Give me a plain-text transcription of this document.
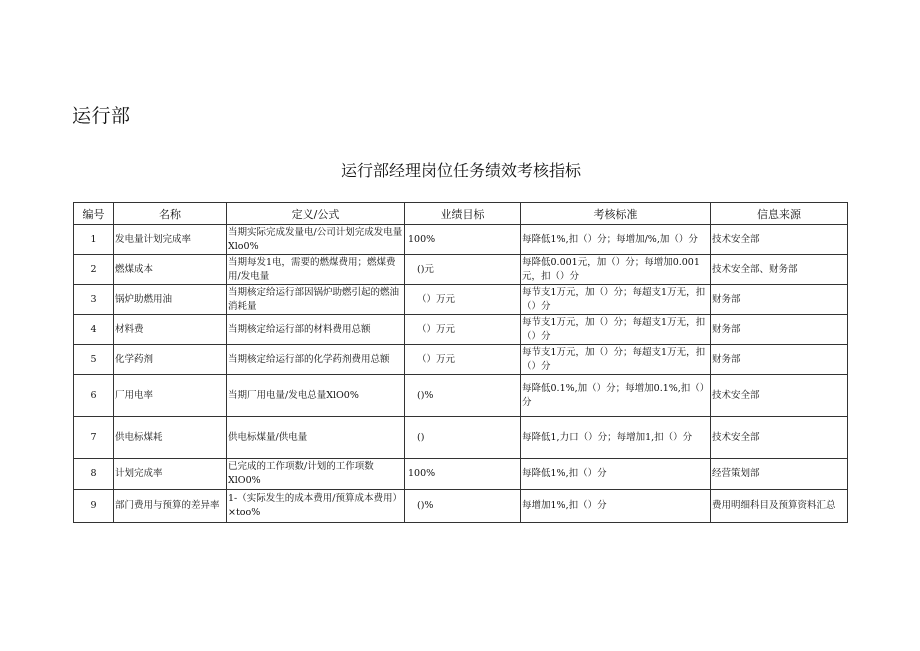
运行部
运行部经理岗位任务绩效考核指标
编号	名称	定义/公式	业绩目标	考核标准	信息来源
1	发电量计划完成率	当期实际完成发量电/公司计划完成发电量Xlo0%	100%	每降低1%,扣（）分；每增加/%,加（）分	技术安全部
2	燃煤成本	当期每发1电，需要的燃煤费用；燃煤费用/发电量	()元	每降低0.001元，加（）分；每增加0.001元，扣（）分	技术安全部、财务部
3	锅炉助燃用油	当期核定给运行部因锅炉助燃引起的燃油消耗量	（）万元	每节支1万元，加（）分；每超支1万无，扣（）分	财务部
4	材料费	当期核定给运行部的材料费用总额	（）万元	每节支1万元，加（）分；每超支1万无，扣（）分	财务部
5	化学药剂	当期核定给运行部的化学药剂费用总额	（）万元	每节支1万元，加（）分；每超支1万无，扣（）分	财务部
6	厂用电率	当期厂用电量/发电总量XlO0%	()%	每降低0.1%,加（）分；每增加0.1%,扣（）分	技术安全部
7	供电标煤耗	供电标煤量/供电量	()	每降低1,力口（）分；每增加1,扣（）分	技术安全部
8	计划完成率	已完成的工作项数/计划的工作项数XlO0%	100%	每降低1%,扣（）分	经营策划部
9	部门费用与预算的差异率	1-（实际发生的成本费用/预算成本费用）×too%	()%	每增加1%,扣（）分	费用明细科目及预算资料汇总
